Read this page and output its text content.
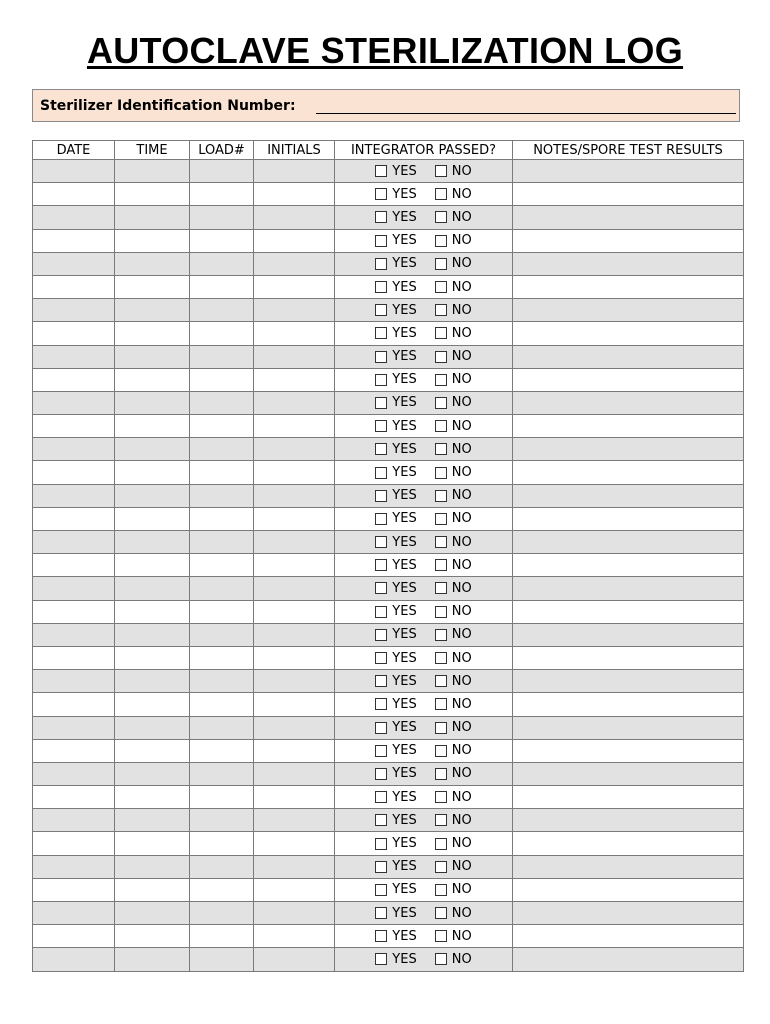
AUTOCLAVE STERILIZATION LOG
Sterilizer Identification Number:
DATE	TIME	LOAD#	INITIALS	INTEGRATOR PASSED?	NOTES/SPORE TEST RESULTS
				YES NO	
				YES NO	
				YES NO	
				YES NO	
				YES NO	
				YES NO	
				YES NO	
				YES NO	
				YES NO	
				YES NO	
				YES NO	
				YES NO	
				YES NO	
				YES NO	
				YES NO	
				YES NO	
				YES NO	
				YES NO	
				YES NO	
				YES NO	
				YES NO	
				YES NO	
				YES NO	
				YES NO	
				YES NO	
				YES NO	
				YES NO	
				YES NO	
				YES NO	
				YES NO	
				YES NO	
				YES NO	
				YES NO	
				YES NO	
				YES NO	
